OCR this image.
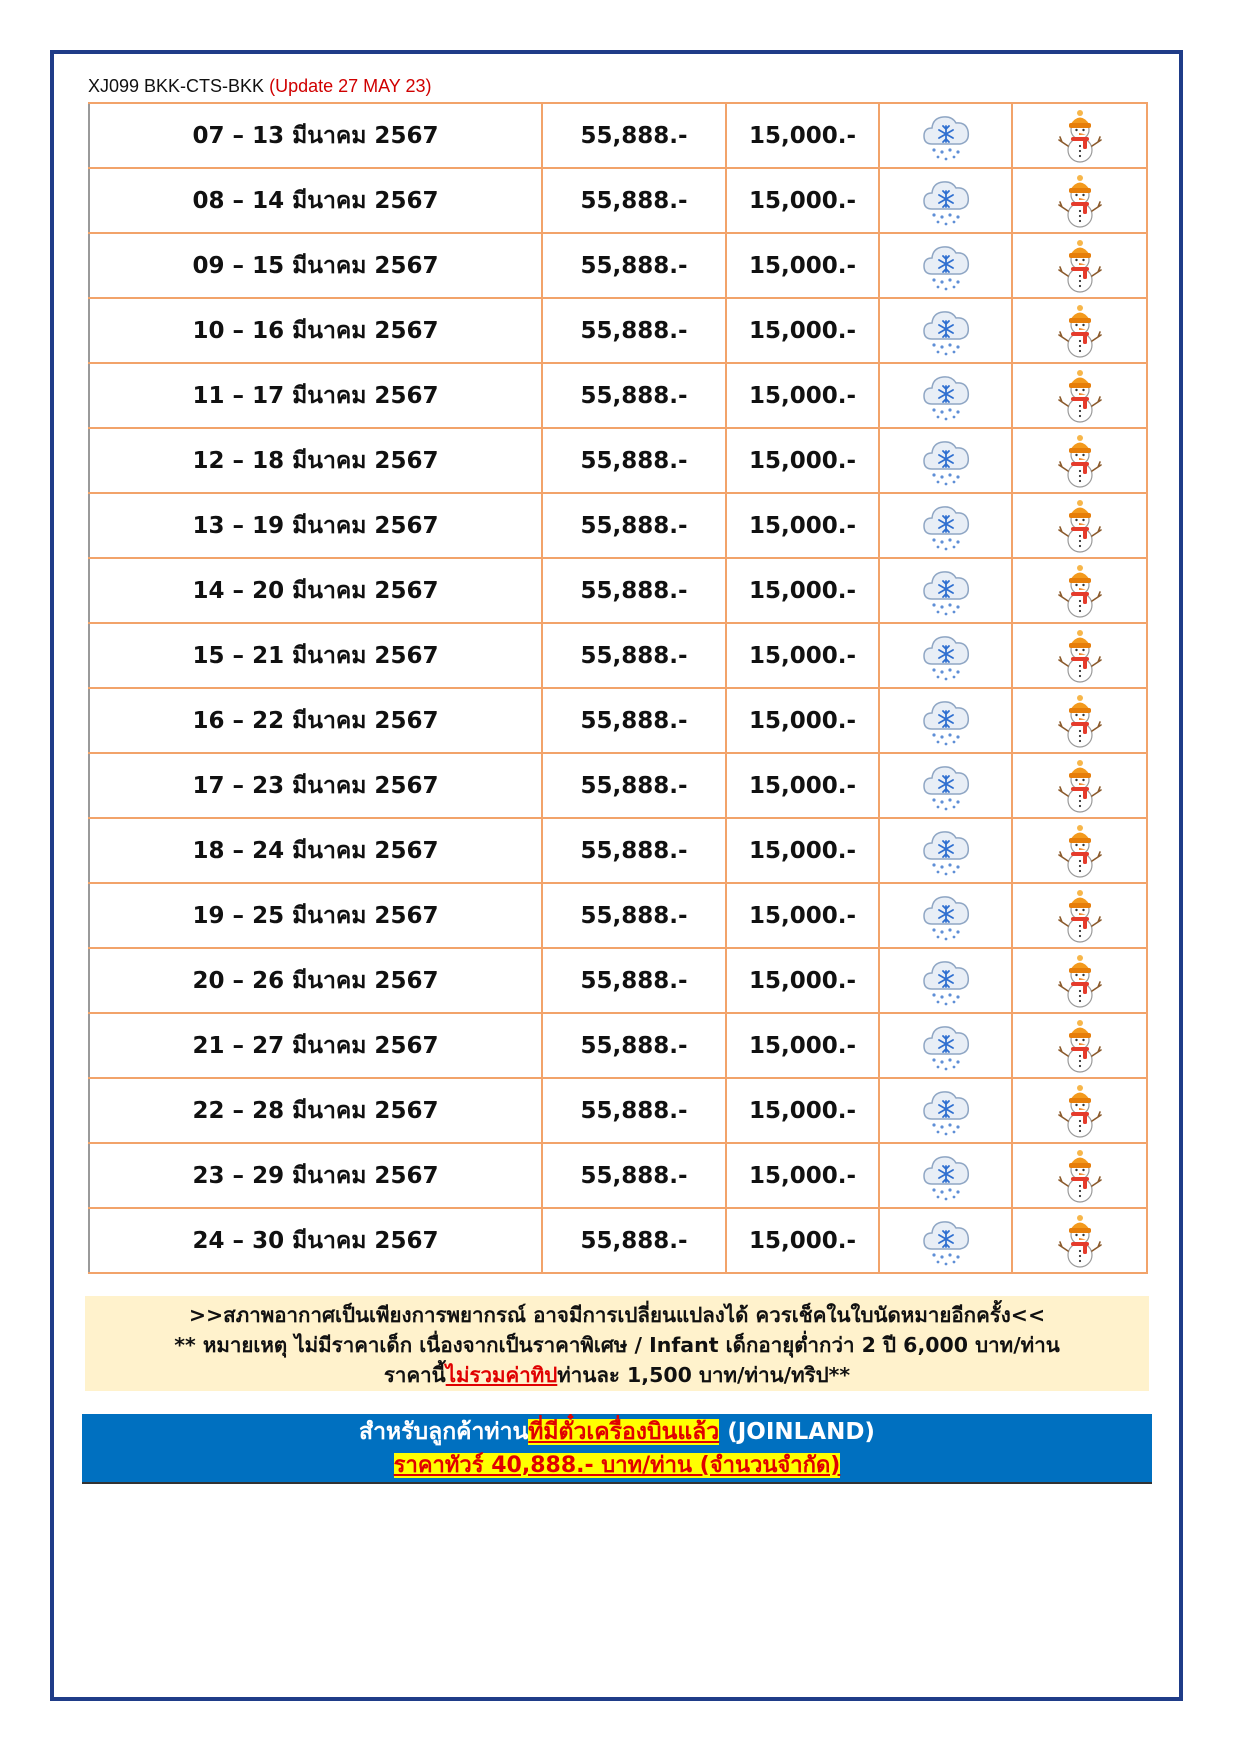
XJ099 BKK-CTS-BKK (Update 27 MAY 23)
07 – 13 มีนาคม 2567	55,888.-	15,000.-		
08 – 14 มีนาคม 2567	55,888.-	15,000.-		
09 – 15 มีนาคม 2567	55,888.-	15,000.-		
10 – 16 มีนาคม 2567	55,888.-	15,000.-		
11 – 17 มีนาคม 2567	55,888.-	15,000.-		
12 – 18 มีนาคม 2567	55,888.-	15,000.-		
13 – 19 มีนาคม 2567	55,888.-	15,000.-		
14 – 20 มีนาคม 2567	55,888.-	15,000.-		
15 – 21 มีนาคม 2567	55,888.-	15,000.-		
16 – 22 มีนาคม 2567	55,888.-	15,000.-		
17 – 23 มีนาคม 2567	55,888.-	15,000.-		
18 – 24 มีนาคม 2567	55,888.-	15,000.-		
19 – 25 มีนาคม 2567	55,888.-	15,000.-		
20 – 26 มีนาคม 2567	55,888.-	15,000.-		
21 – 27 มีนาคม 2567	55,888.-	15,000.-		
22 – 28 มีนาคม 2567	55,888.-	15,000.-		
23 – 29 มีนาคม 2567	55,888.-	15,000.-		
24 – 30 มีนาคม 2567	55,888.-	15,000.-		
>>สภาพอากาศเป็นเพียงการพยากรณ์ อาจมีการเปลี่ยนแปลงได้ ควรเช็คในใบนัดหมายอีกครั้ง<<
** หมายเหตุ ไม่มีราคาเด็ก เนื่องจากเป็นราคาพิเศษ / Infant เด็กอายุต่ำกว่า 2 ปี 6,000 บาท/ท่าน
ราคานี้ไม่รวมค่าทิปท่านละ 1,500 บาท/ท่าน/ทริป**
สำหรับลูกค้าท่านที่มีตั๋วเครื่องบินแล้ว (JOINLAND)
ราคาทัวร์ 40,888.- บาท/ท่าน (จำนวนจำกัด)
